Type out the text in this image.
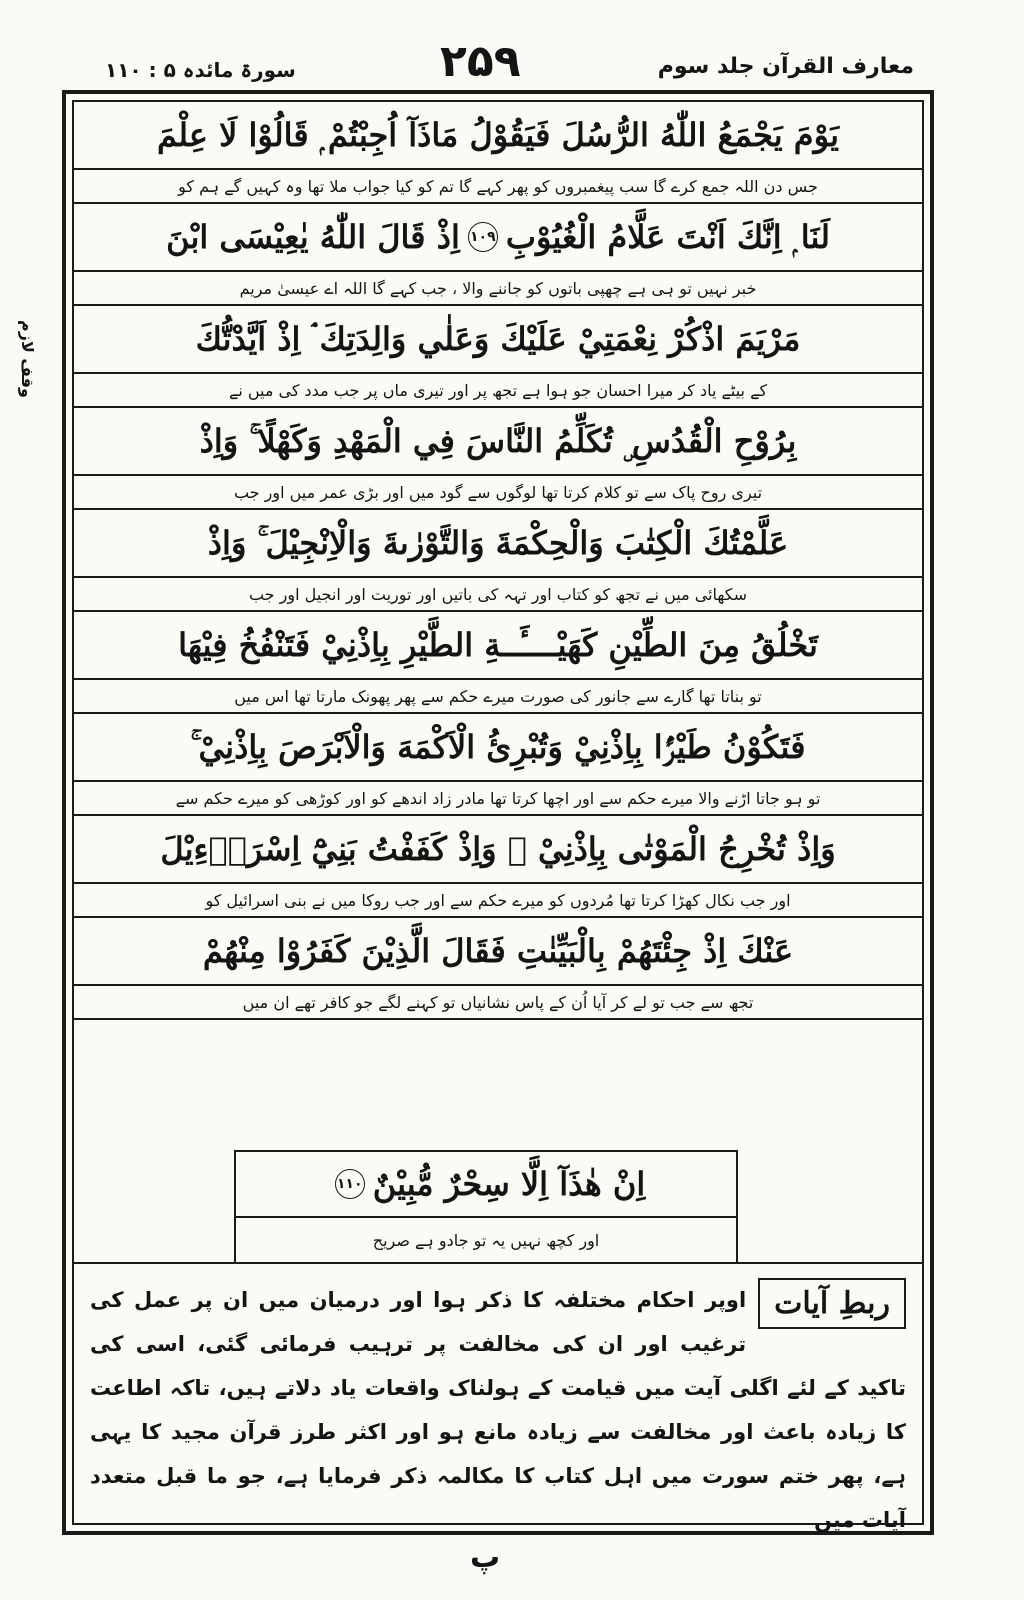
سورۃ مائدہ ۵ : ۱۱۰	۲۵۹	معارف القرآن جلد سوم
وقف لازم
يَوْمَ يَجْمَعُ اللّٰهُ الرُّسُلَ فَيَقُوْلُ مَاذَآ اُجِبْتُمْ ۭ قَالُوْا لَا عِلْمَ
جس دن اللہ جمع کرے گا سب پیغمبروں کو پھر کہے گا تم کو کیا جواب ملا تھا وہ کہیں گے ہم کو
لَنَا ۭ اِنَّكَ اَنْتَ عَلَّامُ الْغُيُوْبِ
۱۰۹
اِذْ قَالَ اللّٰهُ يٰعِيْسَى ابْنَ
خبر نہیں تو ہی ہے چھپی باتوں کو جاننے والا ، جب کہے گا اللہ اے عیسیٰ مریم
مَرْيَمَ اذْكُرْ نِعْمَتِيْ عَلَيْكَ وَعَلٰي وَالِدَتِكَ ۘ اِذْ اَيَّدْتُّكَ
کے بیٹے یاد کر میرا احسان جو ہوا ہے تجھ پر اور تیری ماں پر جب مدد کی میں نے
بِرُوْحِ الْقُدُسِ ۣ تُكَلِّمُ النَّاسَ فِي الْمَهْدِ وَكَهْلًا ۚ وَاِذْ
تیری روح پاک سے تو کلام کرتا تھا لوگوں سے گود میں اور بڑی عمر میں اور جب
عَلَّمْتُكَ الْكِتٰبَ وَالْحِكْمَةَ وَالتَّوْرٰىةَ وَالْاِنْجِيْلَ ۚ وَاِذْ
سکھائی میں نے تجھ کو کتاب اور تہہ کی باتیں اور توریت اور انجیل اور جب
تَخْلُقُ مِنَ الطِّيْنِ كَهَيْــــَٔــةِ الطَّيْرِ بِاِذْنِيْ فَتَنْفُخُ فِيْهَا
تو بناتا تھا گارے سے جانور کی صورت میرے حکم سے پھر پھونک مارتا تھا اس میں
فَتَكُوْنُ طَيْرًۢا بِاِذْنِيْ وَتُبْرِئُ الْاَكْمَهَ وَالْاَبْرَصَ بِاِذْنِيْ ۚ
تو ہو جاتا اڑنے والا میرے حکم سے اور اچھا کرتا تھا مادر زاد اندھے کو اور کوڑھی کو میرے حکم سے
وَاِذْ تُخْرِجُ الْمَوْتٰى بِاِذْنِيْ ۚ وَاِذْ كَفَفْتُ بَنِيْٓ اِسْرَاۗءِيْلَ
اور جب نکال کھڑا کرتا تھا مُردوں کو میرے حکم سے اور جب روکا میں نے بنی اسرائیل کو
عَنْكَ اِذْ جِئْتَهُمْ بِالْبَيِّنٰتِ فَقَالَ الَّذِيْنَ كَفَرُوْا مِنْهُمْ
تجھ سے جب تو لے کر آیا اُن کے پاس نشانیاں تو کہنے لگے جو کافر تھے ان میں
اِنْ هٰذَآ اِلَّا سِحْرٌ مُّبِيْنٌ
۱۱۰
اور کچھ نہیں یہ تو جادو ہے صریح
ربطِ آیات

اوپر احکام مختلفہ کا ذکر ہوا اور درمیان میں ان پر عمل کی ترغیب اور ان کی مخالفت پر ترہیب فرمائی گئی، اسی کی تاکید کے لئے اگلی آیت میں قیامت کے ہولناک واقعات یاد دلاتے ہیں، تاکہ اطاعت کا زیادہ باعث اور مخالفت سے زیادہ مانع ہو اور اکثر طرز قرآن مجید کا یہی ہے، پھر ختم سورت میں اہل کتاب کا مکالمہ ذکر فرمایا ہے، جو ما قبل متعدد آیات میں

پ
